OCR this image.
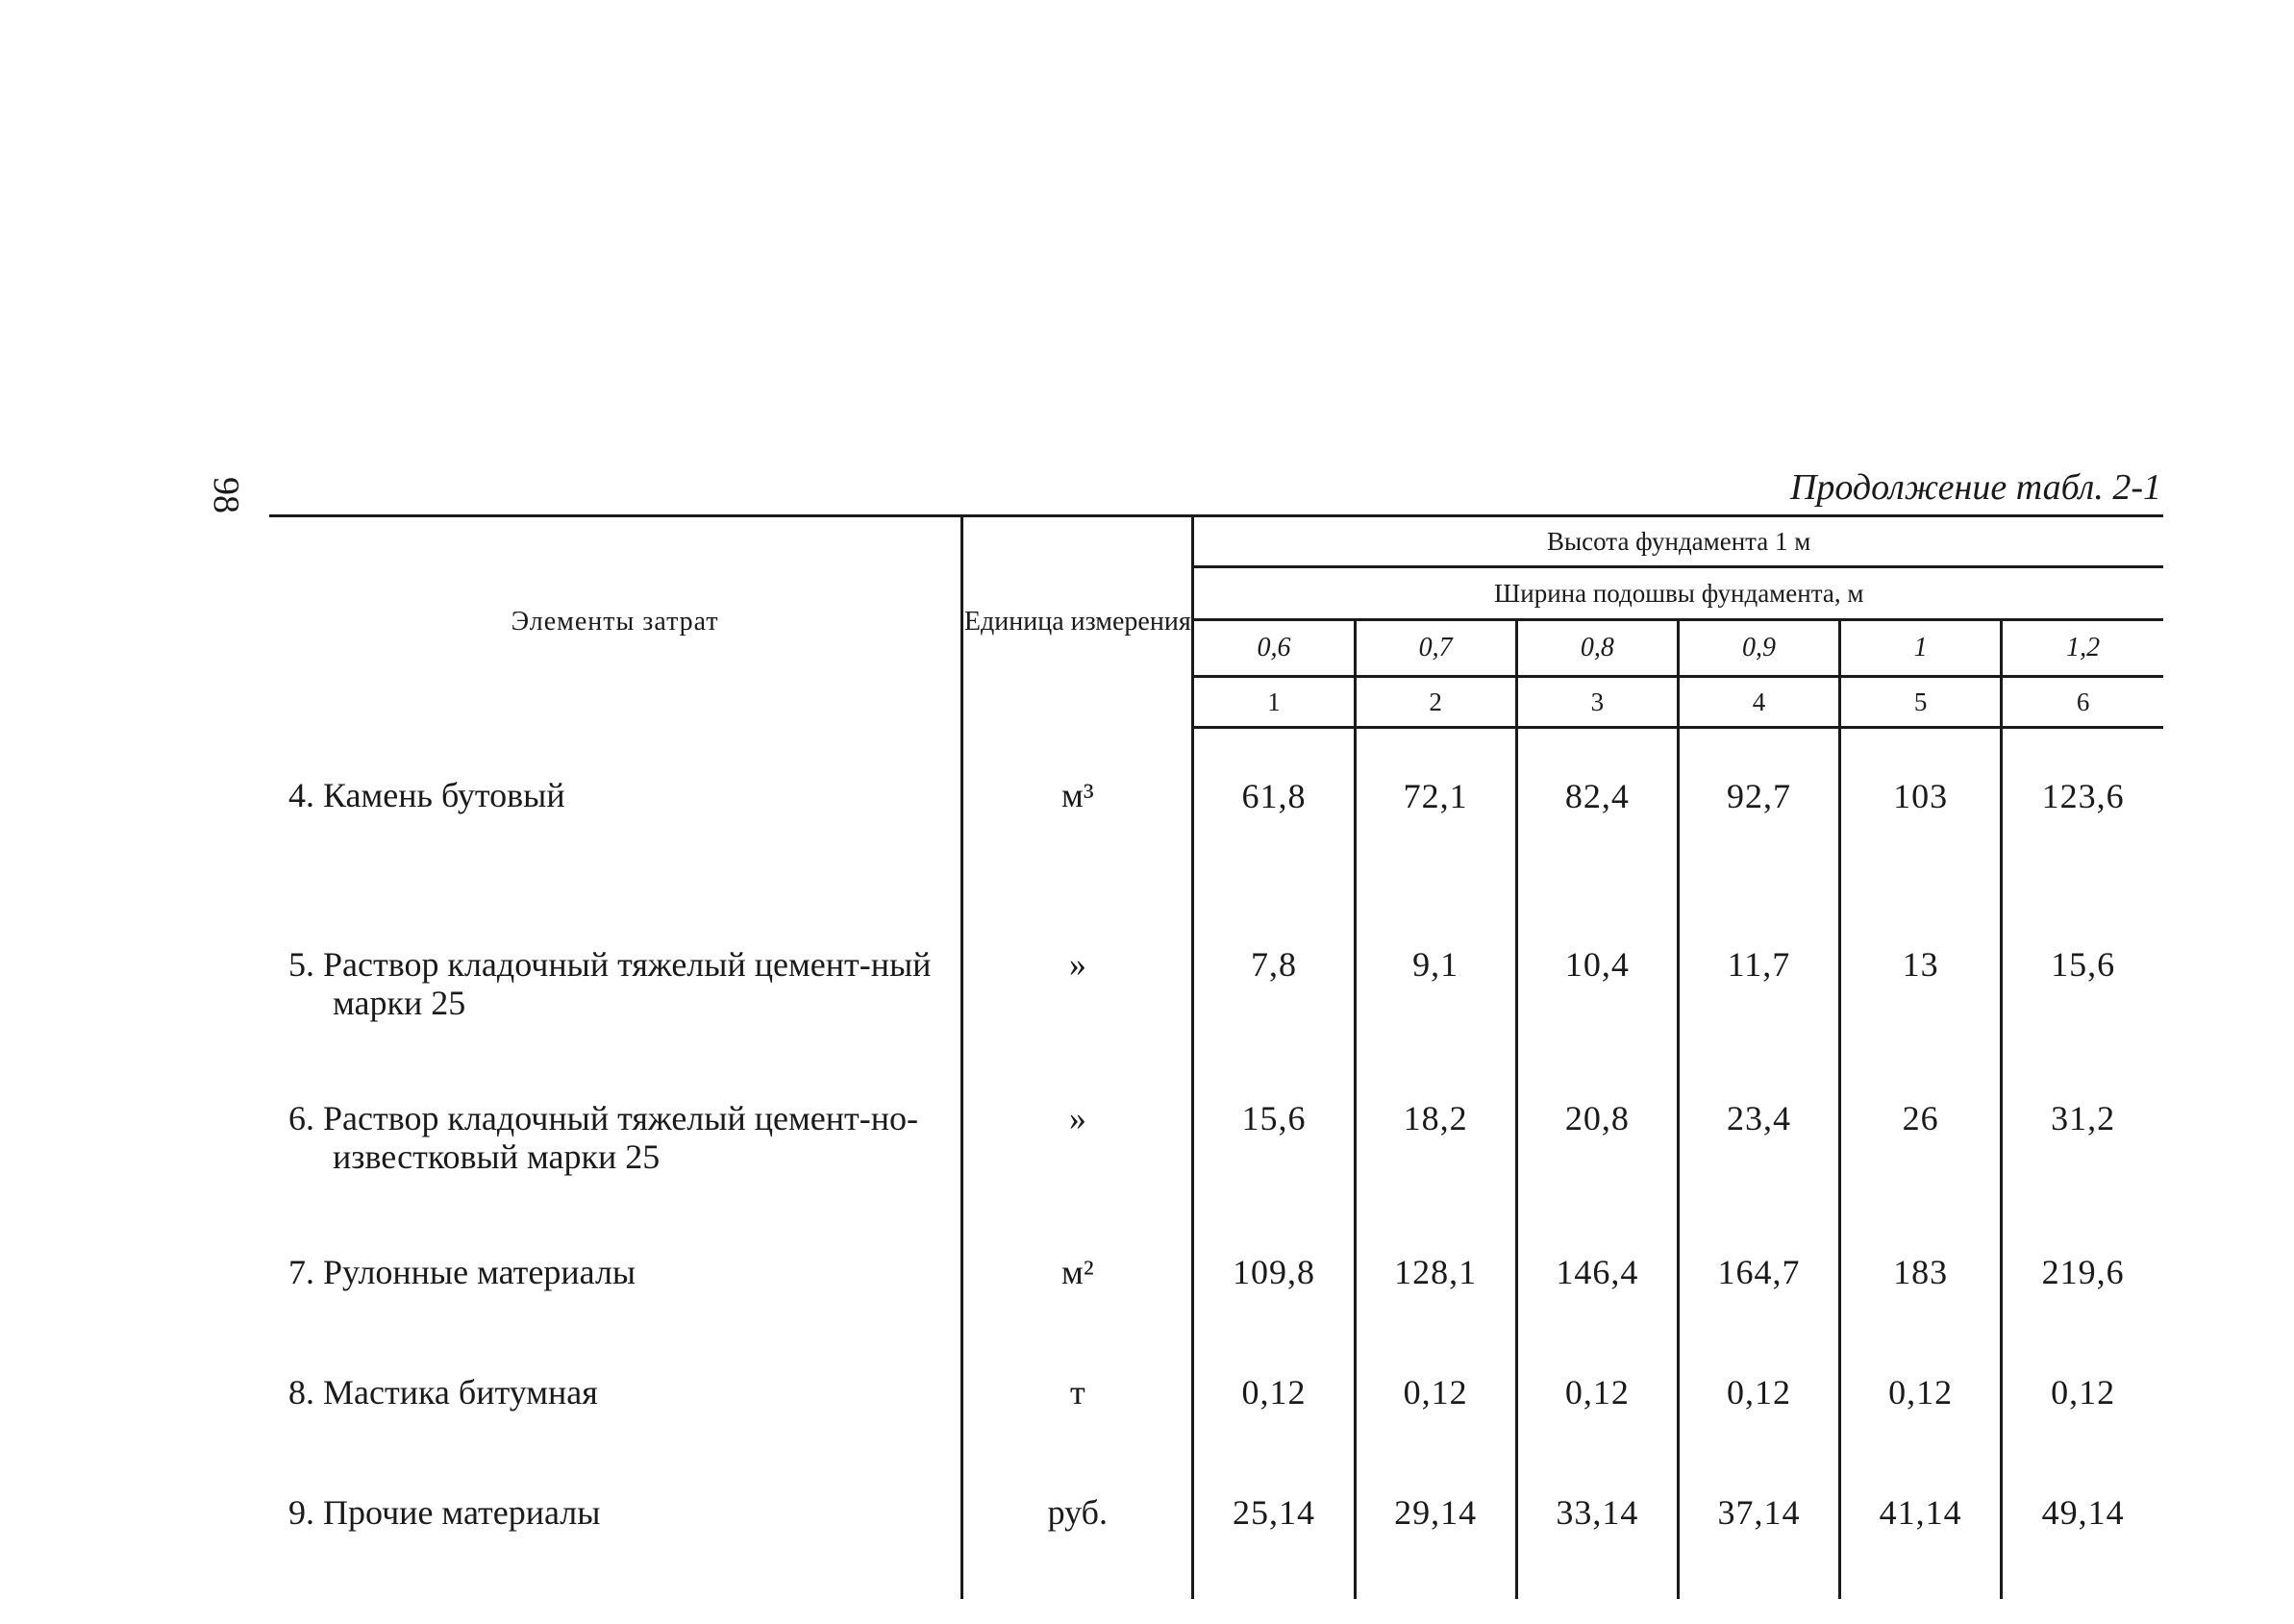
98	Продолжение табл. 2-1
Элементы затрат	Единица измерения	Высота фундамента 1 м					
		Ширина подошвы фундамента, м					
		0,6	0,7	0,8	0,9	1	1,2
		1	2	3	4	5	6

4. Камень бутовый	м³	61,8	72,1	82,4	92,7	103	123,6

5. Раствор кладочный тяжелый цемент-ный марки 25	»	7,8	9,1	10,4	11,7	13	15,6

6. Раствор кладочный тяжелый цемент-но-известковый марки 25	»	15,6	18,2	20,8	23,4	26	31,2

7. Рулонные материалы	м²	109,8	128,1	146,4	164,7	183	219,6

8. Мастика битумная	т	0,12	0,12	0,12	0,12	0,12	0,12

9. Прочие материалы	руб.	25,14	29,14	33,14	37,14	41,14	49,14
